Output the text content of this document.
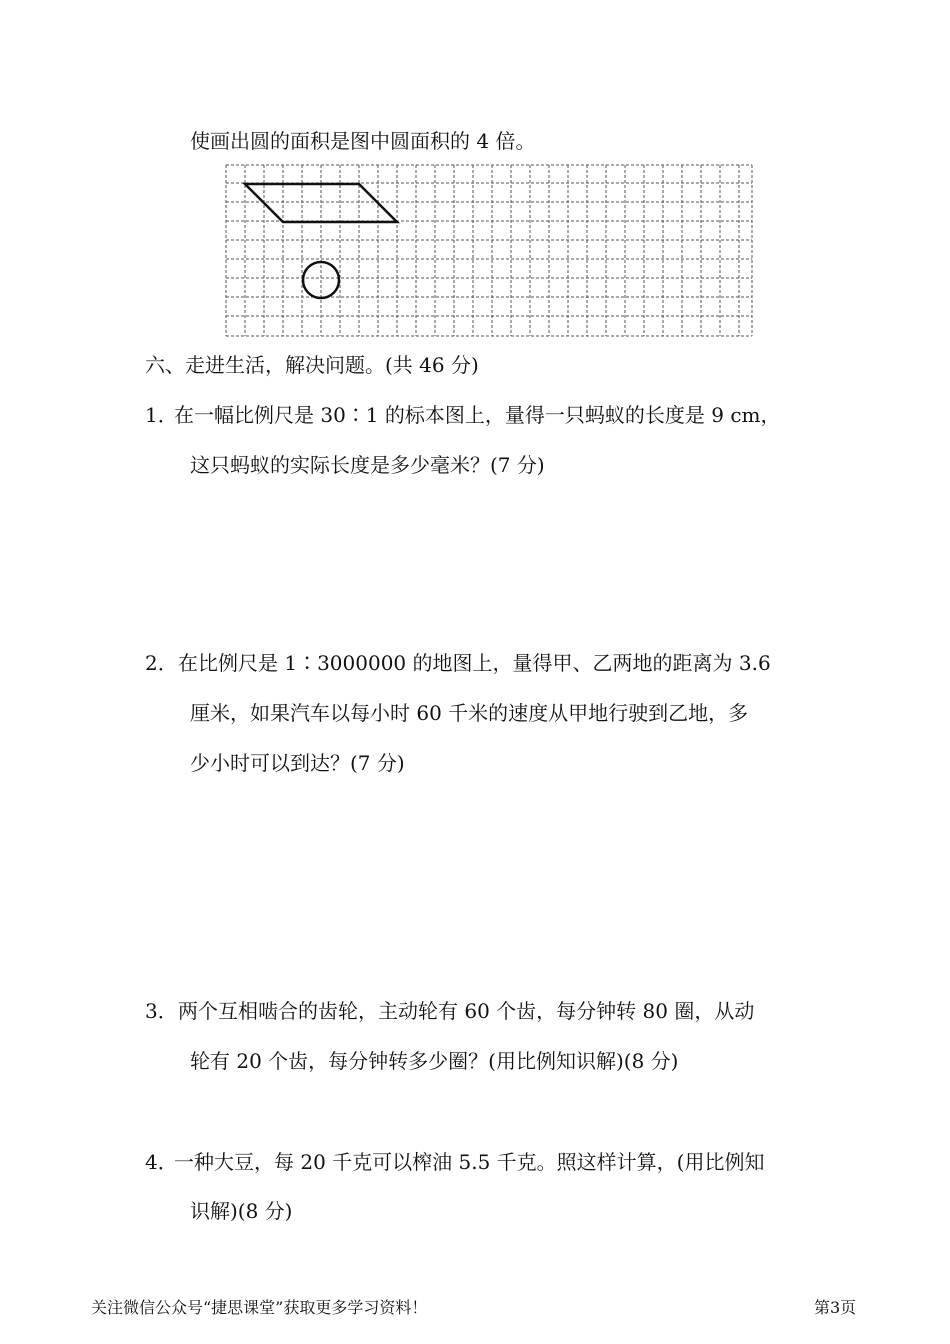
使画出圆的面积是图中圆面积的 4 倍。
六、走进生活，解决问题。(共 46 分)
1．
在一幅比例尺是 30∶1 的标本图上，量得一只蚂蚁的长度是 9 cm，
这只蚂蚁的实际长度是多少毫米？(7 分)
2． 在比例尺是 1∶3000000 的地图上，量得甲、乙两地的距离为 3.6
厘米，如果汽车以每小时 60 千米的速度从甲地行驶到乙地，多
少小时可以到达？(7 分)
3． 两个互相啮合的齿轮，主动轮有 60 个齿，每分钟转 80 圈，从动
轮有 20 个齿，每分钟转多少圈？(用比例知识解)(8 分)
4．
一种大豆，每 20 千克可以榨油 5.5 千克。照这样计算，(用比例知
识解)(8 分)
关注微信公众号“捷思课堂”获取更多学习资料！	第3页
